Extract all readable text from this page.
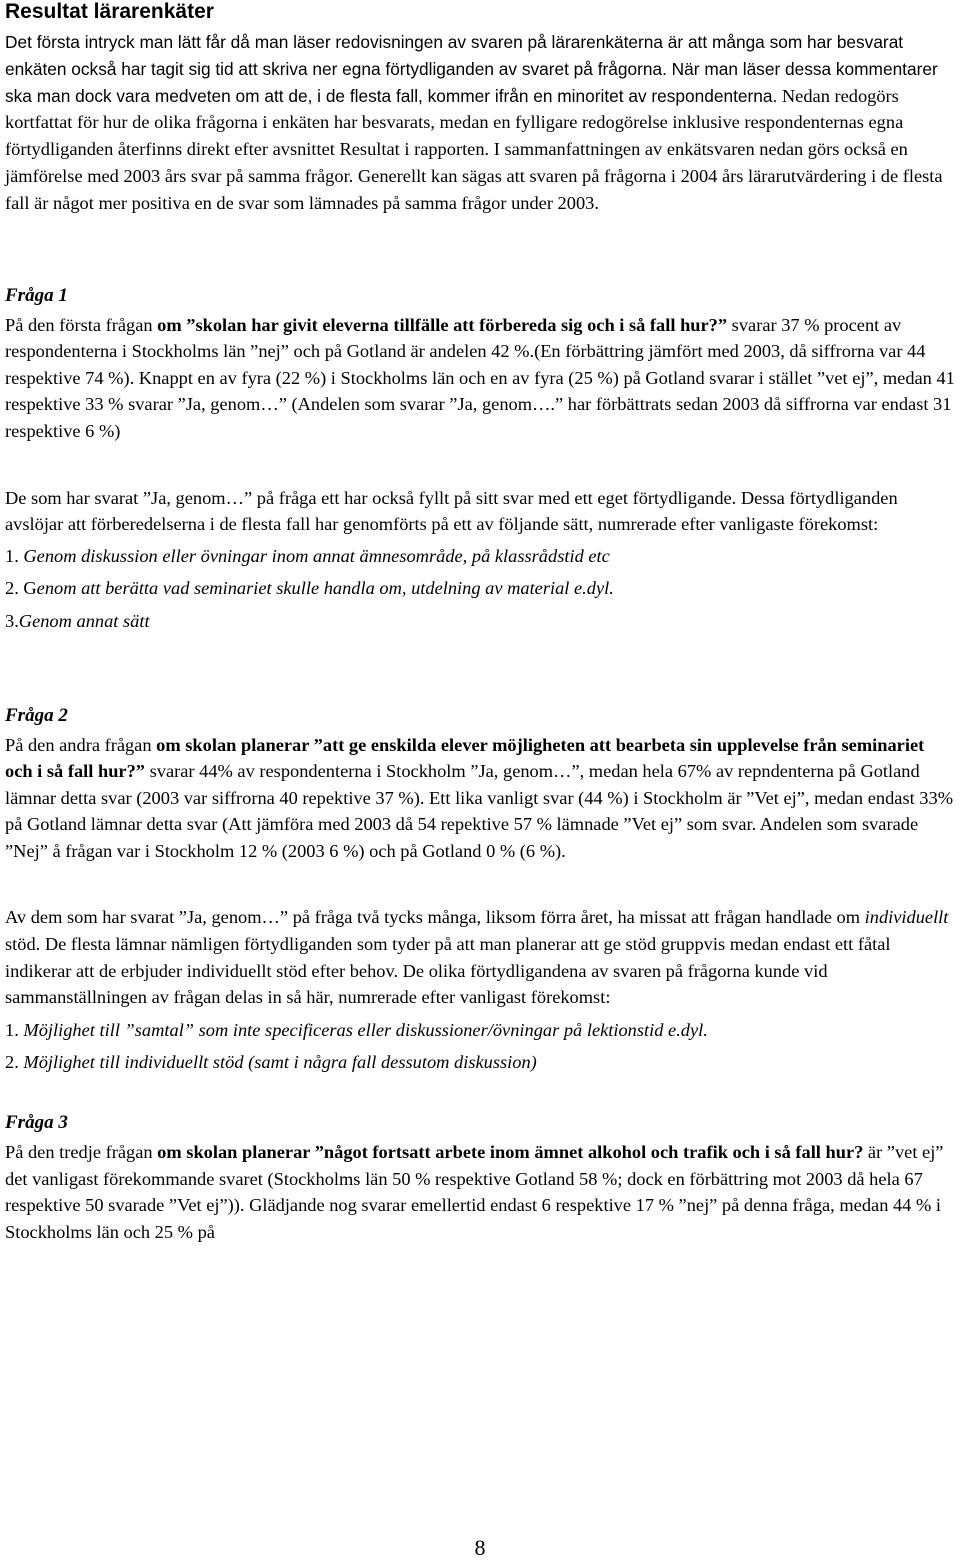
Resultat lärarenkäter

Det första intryck man lätt får då man läser redovisningen av svaren på lärarenkäterna är att många som har besvarat enkäten också har tagit sig tid att skriva ner egna förtydliganden av svaret på frågorna. När man läser dessa kommentarer ska man dock vara medveten om att de, i de flesta fall, kommer ifrån en minoritet av respondenterna. Nedan redogörs kortfattat för hur de olika frågorna i enkäten har besvarats, medan en fylligare redogörelse inklusive respondenternas egna förtydliganden återfinns direkt efter avsnittet Resultat i rapporten. I sammanfattningen av enkätsvaren nedan görs också en jämförelse med 2003 års svar på samma frågor. Generellt kan sägas att svaren på frågorna i 2004 års lärarutvärdering i de flesta fall är något mer positiva en de svar som lämnades på samma frågor under 2003.

Fråga 1

På den första frågan om ”skolan har givit eleverna tillfälle att förbereda sig och i så fall hur?” svarar 37 % procent av respondenterna i Stockholms län ”nej” och på Gotland är andelen 42 %.(En förbättring jämfört med 2003, då siffrorna var 44 respektive 74 %). Knappt en av fyra (22 %) i Stockholms län och en av fyra (25 %) på Gotland svarar i stället ”vet ej”, medan 41 respektive 33 % svarar ”Ja, genom…” (Andelen som svarar ”Ja, genom….” har förbättrats sedan 2003 då siffrorna var endast 31 respektive 6 %)

De som har svarat ”Ja, genom…” på fråga ett har också fyllt på sitt svar med ett eget förtydligande. Dessa förtydliganden avslöjar att förberedelserna i de flesta fall har genomförts på ett av följande sätt, numrerade efter vanligaste förekomst:

1. Genom diskussion eller övningar inom annat ämnesområde, på klassrådstid etc

2. Genom att berätta vad seminariet skulle handla om, utdelning av material e.dyl.

3.Genom annat sätt

Fråga 2

På den andra frågan om skolan planerar ”att ge enskilda elever möjligheten att bearbeta sin upplevelse från seminariet och i så fall hur?” svarar 44% av respondenterna i Stockholm ”Ja, genom…”, medan hela 67% av repndenterna på Gotland lämnar detta svar (2003 var siffrorna 40 repektive 37 %). Ett lika vanligt svar (44 %) i Stockholm är ”Vet ej”, medan endast 33% på Gotland lämnar detta svar (Att jämföra med 2003 då 54 repektive 57 % lämnade ”Vet ej” som svar. Andelen som svarade ”Nej” å frågan var i Stockholm 12 % (2003 6 %) och på Gotland 0 % (6 %).

Av dem som har svarat ”Ja, genom…” på fråga två tycks många, liksom förra året, ha missat att frågan handlade om individuellt stöd. De flesta lämnar nämligen förtydliganden som tyder på att man planerar att ge stöd gruppvis medan endast ett fåtal indikerar att de erbjuder individuellt stöd efter behov. De olika förtydligandena av svaren på frågorna kunde vid sammanställningen av frågan delas in så här, numrerade efter vanligast förekomst:

1. Möjlighet till ”samtal” som inte specificeras eller diskussioner/övningar på lektionstid e.dyl.

2. Möjlighet till individuellt stöd (samt i några fall dessutom diskussion)

Fråga 3

På den tredje frågan om skolan planerar ”något fortsatt arbete inom ämnet alkohol och trafik och i så fall hur? är ”vet ej” det vanligast förekommande svaret (Stockholms län 50 % respektive Gotland 58 %; dock en förbättring mot 2003 då hela 67 respektive 50 svarade ”Vet ej”)). Glädjande nog svarar emellertid endast 6 respektive 17 % ”nej” på denna fråga, medan 44 % i Stockholms län och 25 % på

8
